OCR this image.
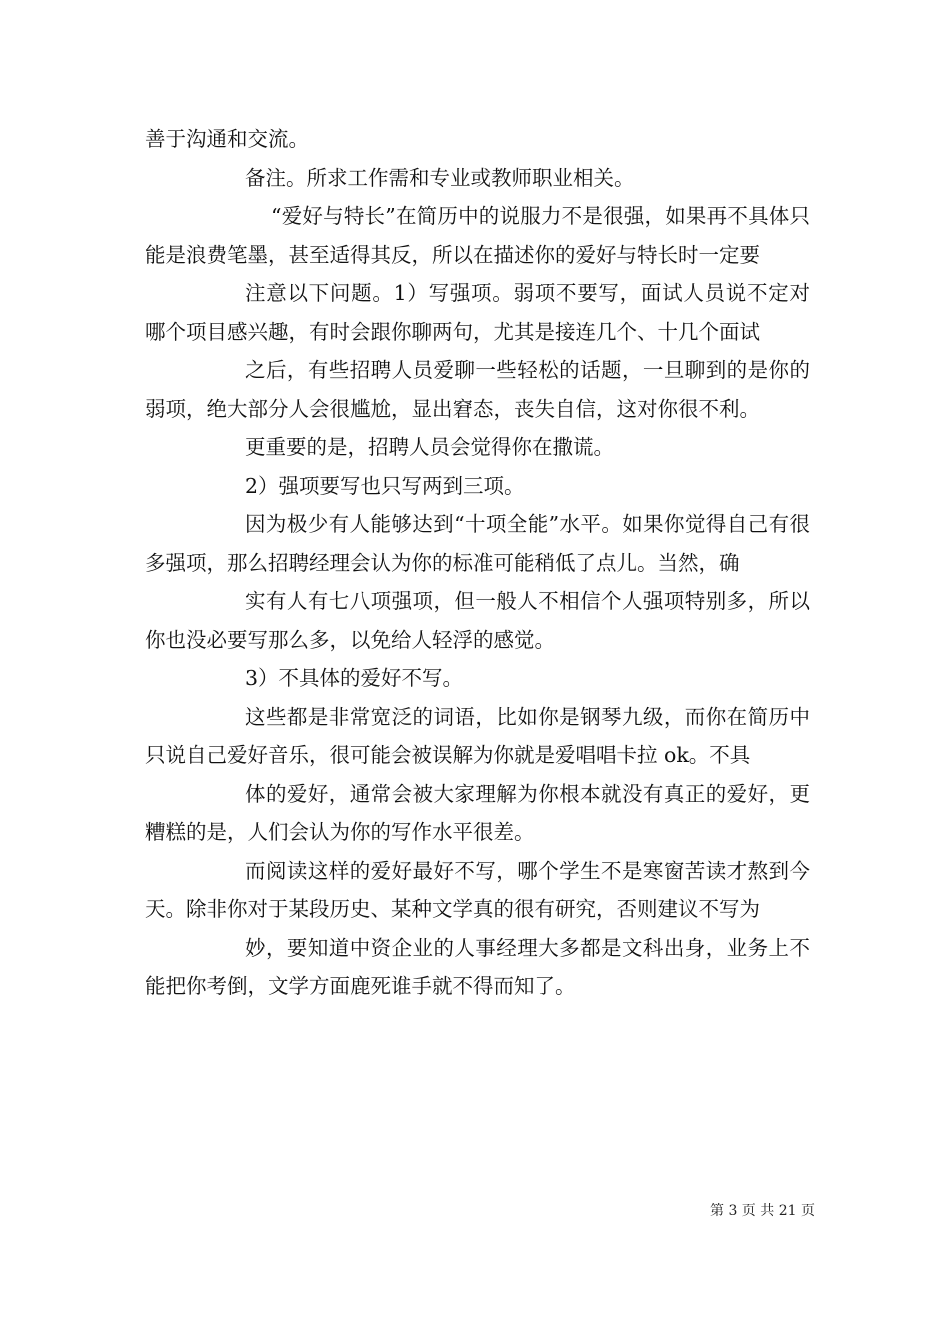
善于沟通和交流。

备注。所求工作需和专业或教师职业相关。

“爱好与特长”在简历中的说服力不是很强，如果再不具体只能是浪费笔墨，甚至适得其反，所以在描述你的爱好与特长时一定要

注意以下问题。1）写强项。弱项不要写，面试人员说不定对哪个项目感兴趣，有时会跟你聊两句，尤其是接连几个、十几个面试

之后，有些招聘人员爱聊一些轻松的话题，一旦聊到的是你的弱项，绝大部分人会很尴尬，显出窘态，丧失自信，这对你很不利。

更重要的是，招聘人员会觉得你在撒谎。

2）强项要写也只写两到三项。

因为极少有人能够达到“十项全能”水平。如果你觉得自己有很多强项，那么招聘经理会认为你的标准可能稍低了点儿。当然，确

实有人有七八项强项，但一般人不相信个人强项特别多，所以你也没必要写那么多，以免给人轻浮的感觉。

3）不具体的爱好不写。

这些都是非常宽泛的词语，比如你是钢琴九级，而你在简历中只说自己爱好音乐，很可能会被误解为你就是爱唱唱卡拉 ok。不具

体的爱好，通常会被大家理解为你根本就没有真正的爱好，更糟糕的是，人们会认为你的写作水平很差。

而阅读这样的爱好最好不写，哪个学生不是寒窗苦读才熬到今天。除非你对于某段历史、某种文学真的很有研究，否则建议不写为

妙，要知道中资企业的人事经理大多都是文科出身，业务上不能把你考倒，文学方面鹿死谁手就不得而知了。

第 3 页 共 21 页
